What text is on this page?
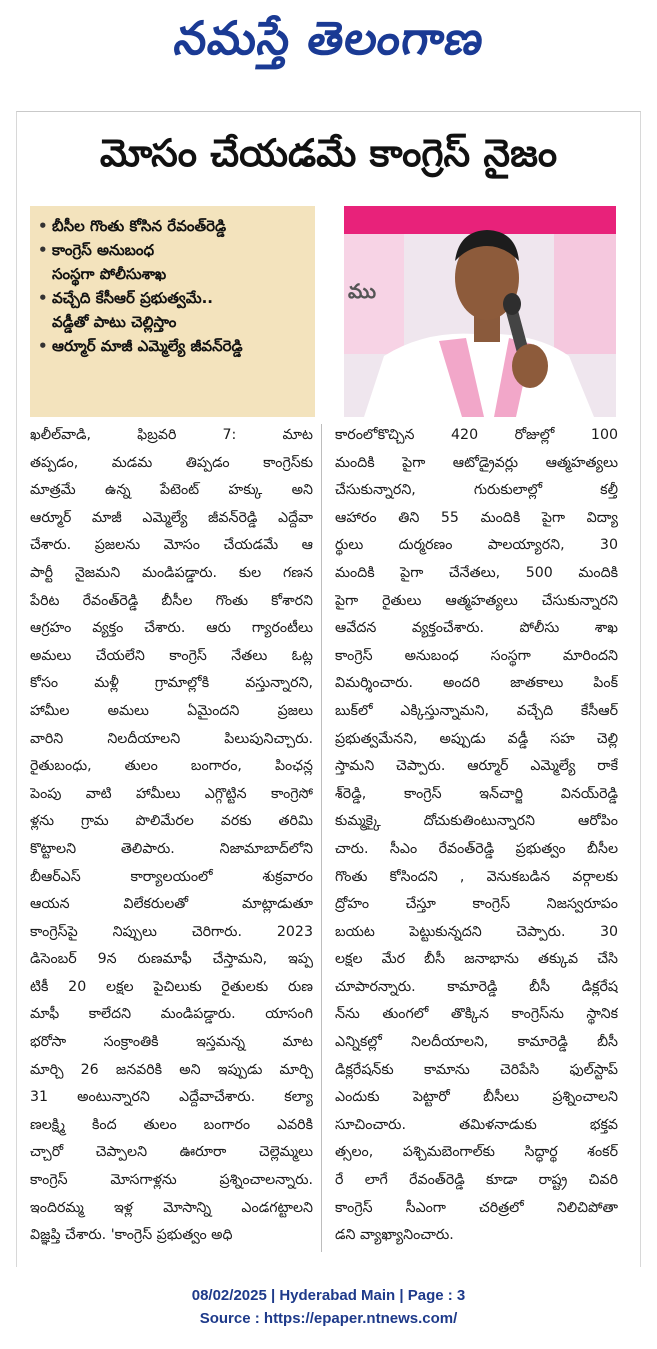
నమస్తే తెలంగాణ
మోసం చేయడమే కాంగ్రెస్ నైజం
• బీసీల గొంతు కోసిన రేవంత్‌రెడ్డి
• కాంగ్రెస్ అనుబంధ
సంస్థగా పోలీసుశాఖ
• వచ్చేది కేసీఆర్ ప్రభుత్వమే..
వడ్డీతో పాటు చెల్లిస్తాం
• ఆర్మూర్ మాజీ ఎమ్మెల్యే జీవన్‌రెడ్డి
ము
ఖలీల్‌వాడి, ఫిబ్రవరి 7: మాట
తప్పడం, మడమ తిప్పడం కాంగ్రెస్‌కు
మాత్రమే ఉన్న పేటెంట్ హక్కు అని
ఆర్మూర్ మాజీ ఎమ్మెల్యే జీవన్‌రెడ్డి ఎద్దేవా
చేశారు. ప్రజలను మోసం చేయడమే ఆ
పార్టీ నైజమని మండిపడ్డారు. కుల గణన
పేరిట రేవంత్‌రెడ్డి బీసీల గొంతు కోశారని
ఆగ్రహం వ్యక్తం చేశారు. ఆరు గ్యారంటీలు
అమలు చేయలేని కాంగ్రెస్ నేతలు ఓట్ల
కోసం మళ్లీ గ్రామాల్లోకి వస్తున్నారని,
హామీల అమలు ఏమైందని ప్రజలు
వారిని నిలదీయాలని పిలుపునిచ్చారు.
రైతుబంధు, తులం బంగారం, పింఛన్ల
పెంపు వాటి హామీలు ఎగ్గొట్టిన కాంగ్రెసో
ళ్లను గ్రామ పొలిమేరల వరకు తరిమి
కొట్టాలని తెలిపారు. నిజామాబాద్‌లోని
బీఆర్‌ఎస్ కార్యాలయంలో శుక్రవారం
ఆయన విలేకరులతో మాట్లాడుతూ
కాంగ్రెస్‌పై నిప్పులు చెరిగారు. 2023
డిసెంబర్ 9న రుణమాఫీ చేస్తామని, ఇప్ప
టికీ 20 లక్షల పైచిలుకు రైతులకు రుణ
మాఫీ కాలేదని మండిపడ్డారు. యాసంగి
భరోసా సంక్రాంతికి ఇస్తమన్న మాట
మార్చి 26 జనవరికి అని ఇప్పుడు మార్చి
31 అంటున్నారని ఎద్దేవాచేశారు. కల్యా
ణలక్ష్మి కింద తులం బంగారం ఎవరికి
చ్చారో చెప్పాలని ఊరూరా చెల్లెమ్మలు
కాంగ్రెస్ మోసగాళ్లను ప్రశ్నించాలన్నారు.
ఇందిరమ్మ ఇళ్ల మోసాన్ని ఎండగట్టాలని
విజ్ఞప్తి చేశారు. 'కాంగ్రెస్ ప్రభుత్వం అధి
కారంలోకొచ్చిన 420 రోజుల్లో 100
మందికి పైగా ఆటోడ్రైవర్లు ఆత్మహత్యలు
చేసుకున్నారని, గురుకులాల్లో కల్తీ
ఆహారం తిని 55 మందికి పైగా విద్యా
ర్థులు దుర్మరణం పాలయ్యారని, 30
మందికి పైగా చేనేతలు, 500 మందికి
పైగా రైతులు ఆత్మహత్యలు చేసుకున్నారని
ఆవేదన వ్యక్తంచేశారు. పోలీసు శాఖ
కాంగ్రెస్ అనుబంధ సంస్థగా మారిందని
విమర్శించారు. అందరి జాతకాలు పింక్
బుక్‌లో ఎక్కిస్తున్నామని, వచ్చేది కేసీఆర్
ప్రభుత్వమేనని, అప్పుడు వడ్డీ సహ చెల్లి
స్తామని చెప్పారు. ఆర్మూర్ ఎమ్మెల్యే రాకే
శ్‌రెడ్డి, కాంగ్రెస్ ఇన్‌చార్జి వినయ్‌రెడ్డి
కుమ్మక్కై దోచుకుతింటున్నారని ఆరోపిం
చారు. సీఎం రేవంత్‌రెడ్డి ప్రభుత్వం బీసీల
గొంతు కోసిందని , వెనుకబడిన వర్గాలకు
ద్రోహం చేస్తూ కాంగ్రెస్ నిజస్వరూపం
బయట పెట్టుకున్నదని చెప్పారు. 30
లక్షల మేర బీసీ జనాభాను తక్కువ చేసి
చూపారన్నారు. కామారెడ్డి బీసీ డిక్లరేష
న్‌ను తుంగలో తొక్కిన కాంగ్రెస్‌ను స్థానిక
ఎన్నికల్లో నిలదీయాలని, కామారెడ్డి బీసీ
డిక్లరేషన్‌కు కామాను చెరిపేసి ఫుల్‌స్టాప్
ఎందుకు పెట్టారో బీసీలు ప్రశ్నించాలని
సూచించారు. తమిళనాడుకు భక్తవ
త్సలం, పశ్చిమబెంగాల్‌కు సిద్ధార్థ శంకర్
రే లాగే రేవంత్‌రెడ్డి కూడా రాష్ట్ర చివరి
కాంగ్రెస్ సీఎంగా చరిత్రలో నిలిచిపోతా
డని వ్యాఖ్యానించారు.
08/02/2025 | Hyderabad Main | Page : 3
Source : https://epaper.ntnews.com/
